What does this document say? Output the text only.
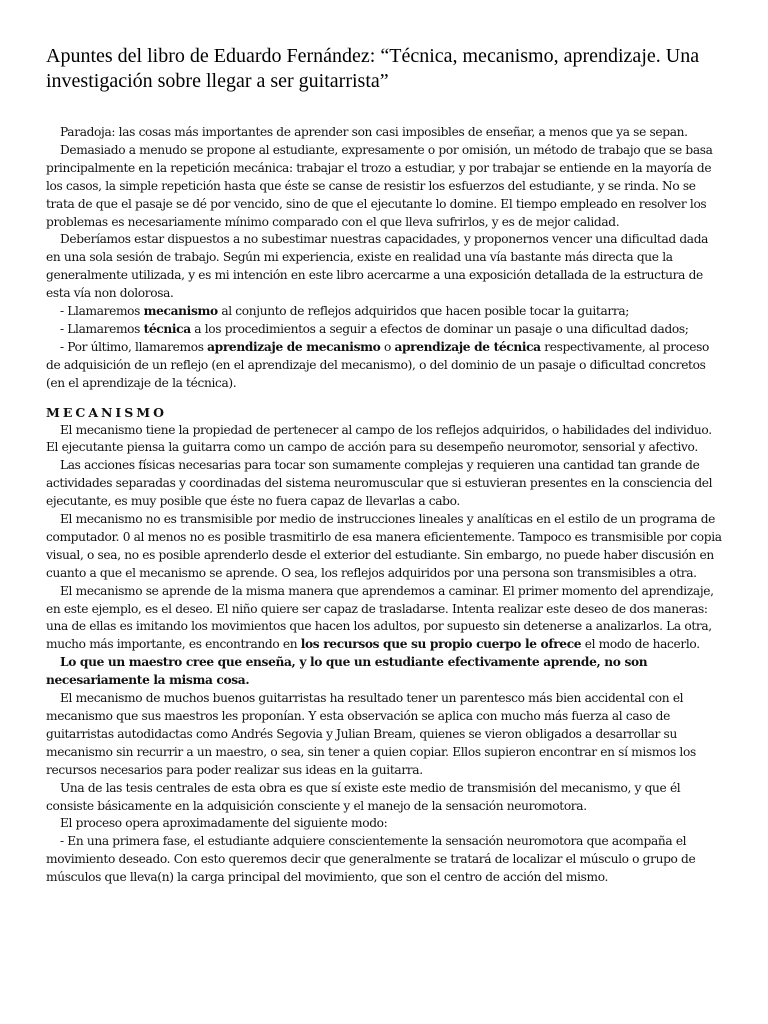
Apuntes del libro de Eduardo Fernández: “Técnica, mecanismo, aprendizaje. Una investigación sobre llegar a ser guitarrista”

Paradoja: las cosas más importantes de aprender son casi imposibles de enseñar, a menos que ya se sepan.

Demasiado a menudo se propone al estudiante, expresamente o por omisión, un método de trabajo que se basa principalmente en la repetición mecánica: trabajar el trozo a estudiar, y por trabajar se entiende en la mayoría de los casos, la simple repetición hasta que éste se canse de resistir los esfuerzos del estudiante, y se rinda. No se trata de que el pasaje se dé por vencido, sino de que el ejecutante lo domine. El tiempo empleado en resolver los problemas es necesariamente mínimo comparado con el que lleva sufrirlos, y es de mejor calidad.

Deberíamos estar dispuestos a no subestimar nuestras capacidades, y proponernos vencer una dificultad dada en una sola sesión de trabajo. Según mi experiencia, existe en realidad una vía bastante más directa que la generalmente utilizada, y es mi intención en este libro acercarme a una exposición detallada de la estructura de esta vía non dolorosa.

- Llamaremos mecanismo al conjunto de reflejos adquiridos que hacen posible tocar la guitarra;

- Llamaremos técnica a los procedimientos a seguir a efectos de dominar un pasaje o una dificultad dados;

- Por último, llamaremos aprendizaje de mecanismo o aprendizaje de técnica respectivamente, al proceso de adquisición de un reflejo (en el aprendizaje del mecanismo), o del dominio de un pasaje o dificultad concretos (en el aprendizaje de la técnica).

MECANISMO

El mecanismo tiene la propiedad de pertenecer al campo de los reflejos adquiridos, o habilidades del individuo. El ejecutante piensa la guitarra como un campo de acción para su desempeño neuromotor, sensorial y afectivo.

Las acciones físicas necesarias para tocar son sumamente complejas y requieren una cantidad tan grande de actividades separadas y coordinadas del sistema neuromuscular que si estuvieran presentes en la consciencia del ejecutante, es muy posible que éste no fuera capaz de llevarlas a cabo.

El mecanismo no es transmisible por medio de instrucciones lineales y analíticas en el estilo de un programa de computador. 0 al menos no es posible trasmitirlo de esa manera eficientemente. Tampoco es transmisible por copia visual, o sea, no es posible aprenderlo desde el exterior del estudiante. Sin embargo, no puede haber discusión en cuanto a que el mecanismo se aprende. O sea, los reflejos adquiridos por una persona son transmisibles a otra.

El mecanismo se aprende de la misma manera que aprendemos a caminar. El primer momento del aprendizaje, en este ejemplo, es el deseo. El niño quiere ser capaz de trasladarse. Intenta realizar este deseo de dos maneras: una de ellas es imitando los movimientos que hacen los adultos, por supuesto sin detenerse a analizarlos. La otra, mucho más importante, es encontrando en los recursos que su propio cuerpo le ofrece el modo de hacerlo.

Lo que un maestro cree que enseña, y lo que un estudiante efectivamente aprende, no son necesariamente la misma cosa.

El mecanismo de muchos buenos guitarristas ha resultado tener un parentesco más bien accidental con el mecanismo que sus maestros les proponían. Y esta observación se aplica con mucho más fuerza al caso de guitarristas autodidactas como Andrés Segovia y Julian Bream, quienes se vieron obligados a desarrollar su mecanismo sin recurrir a un maestro, o sea, sin tener a quien copiar. Ellos supieron encontrar en sí mismos los recursos necesarios para poder realizar sus ideas en la guitarra.

Una de las tesis centrales de esta obra es que sí existe este medio de transmisión del mecanismo, y que él consiste básicamente en la adquisición consciente y el manejo de la sensación neuromotora.

El proceso opera aproximadamente del siguiente modo:

- En una primera fase, el estudiante adquiere conscientemente la sensación neuromotora que acompaña el movimiento deseado. Con esto queremos decir que generalmente se tratará de localizar el músculo o grupo de músculos que lleva(n) la carga principal del movimiento, que son el centro de acción del mismo.
